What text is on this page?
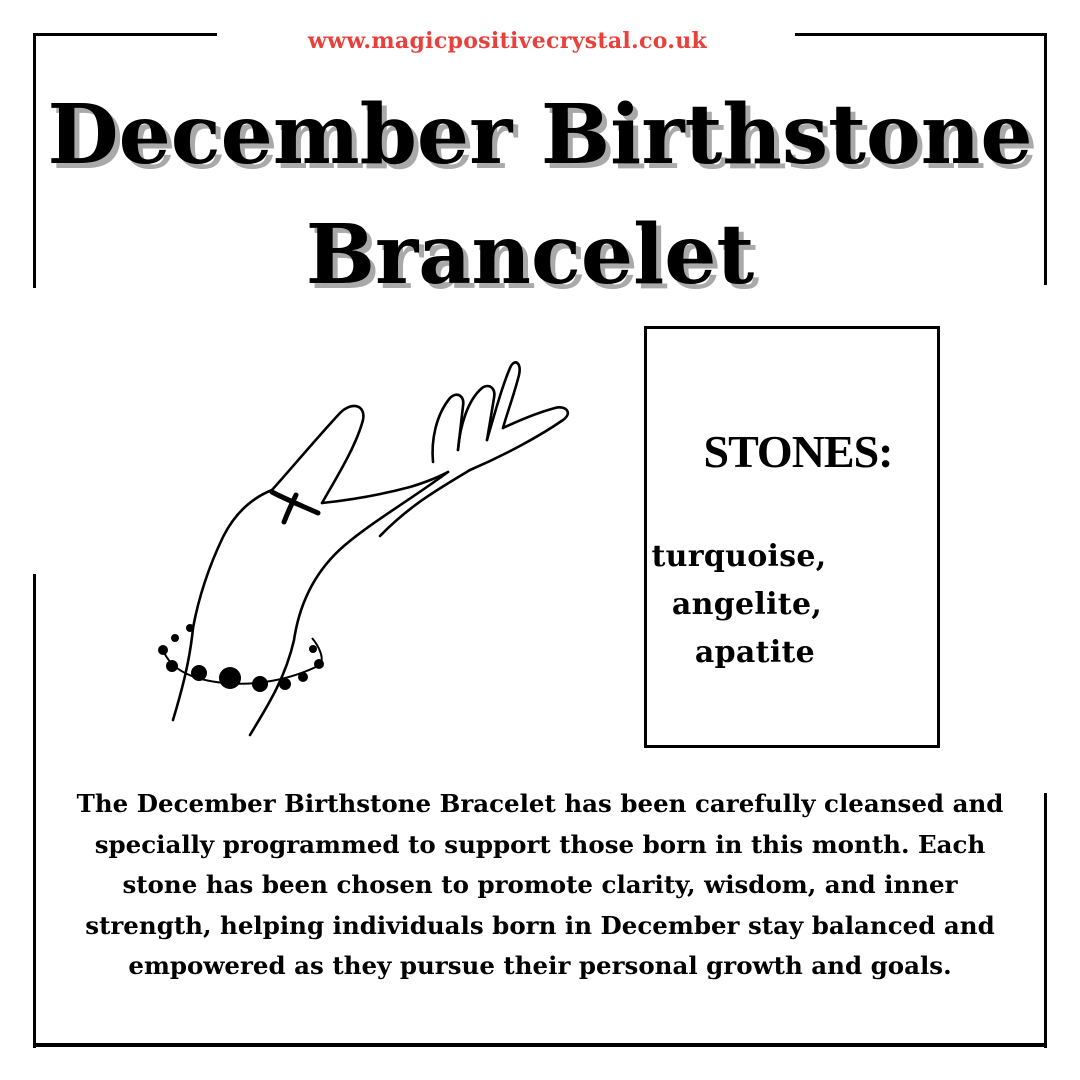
www.magicpositivecrystal.co.uk
December Birthstone
Brancelet
STONES:
turquoise,
angelite,
apatite
The December Birthstone Bracelet has been carefully cleansed and specially programmed to support those born in this month. Each stone has been chosen to promote clarity, wisdom, and inner strength, helping individuals born in December stay balanced and empowered as they pursue their personal growth and goals.
